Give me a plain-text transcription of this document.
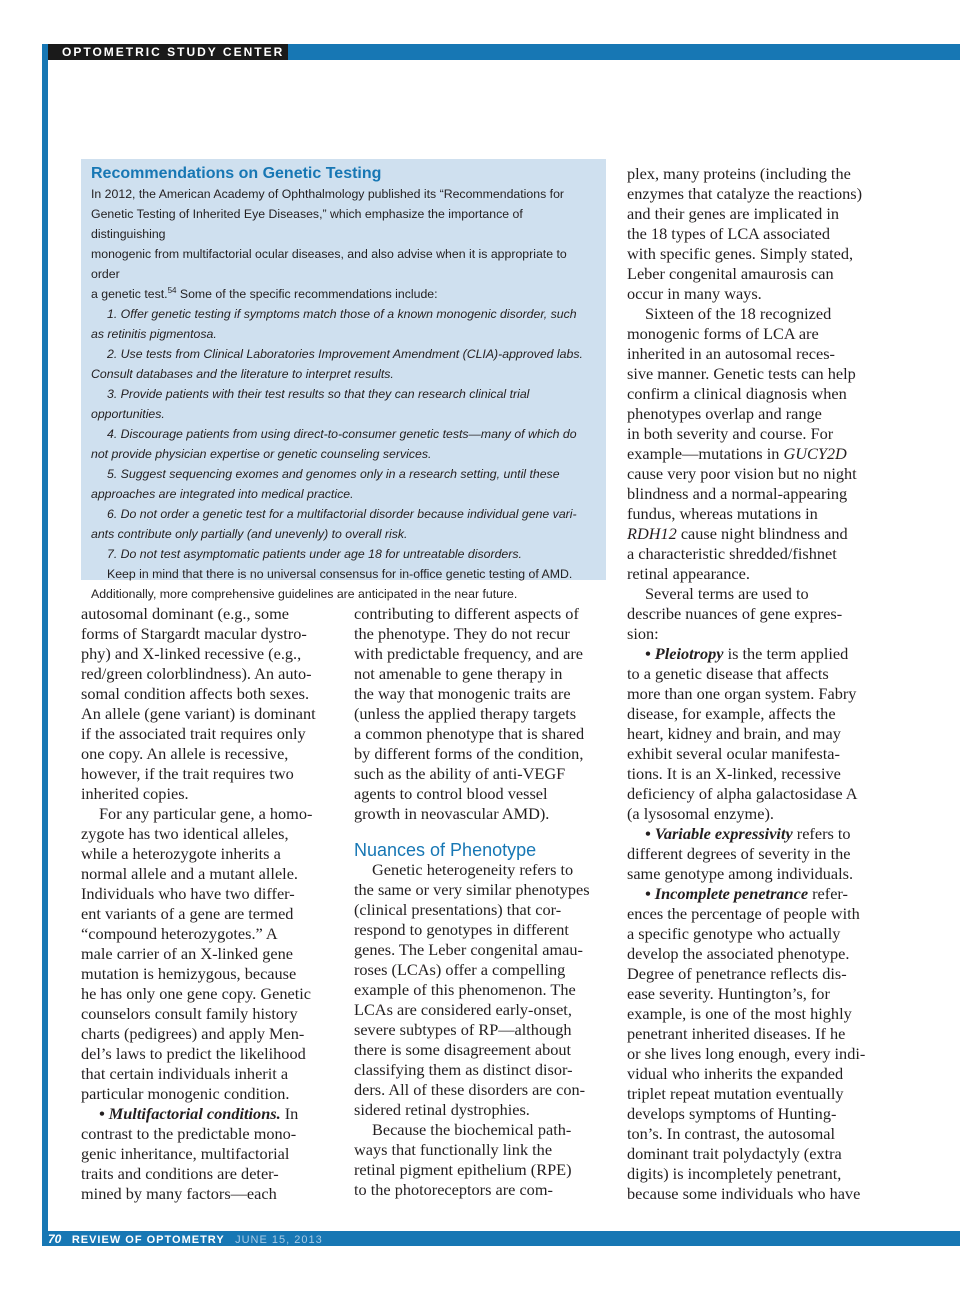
OPTOMETRIC STUDY CENTER

Recommendations on Genetic Testing

In 2012, the American Academy of Ophthalmology published its “Recommendations for

Genetic Testing of Inherited Eye Diseases,” which emphasize the importance of distinguishing

monogenic from multifactorial ocular diseases, and also advise when it is appropriate to order

a genetic test.$^{54}$ Some of the specific recommendations include:

1. Offer genetic testing if symptoms match those of a known monogenic disorder, such

as retinitis pigmentosa.

2. Use tests from Clinical Laboratories Improvement Amendment (CLIA)-approved labs.

Consult databases and the literature to interpret results.

3. Provide patients with their test results so that they can research clinical trial

opportunities.

4. Discourage patients from using direct-to-consumer genetic tests—many of which do

not provide physician expertise or genetic counseling services.

5. Suggest sequencing exomes and genomes only in a research setting, until these

approaches are integrated into medical practice.

6. Do not order a genetic test for a multifactorial disorder because individual gene vari-

ants contribute only partially (and unevenly) to overall risk.

7. Do not test asymptomatic patients under age 18 for untreatable disorders.

Keep in mind that there is no universal consensus for in-office genetic testing of AMD.

Additionally, more comprehensive guidelines are anticipated in the near future.

autosomal dominant (e.g., some

forms of Stargardt macular dystro-

phy) and X-linked recessive (e.g.,

red/green colorblindness). An auto-

somal condition affects both sexes.

An allele (gene variant) is dominant

if the associated trait requires only

one copy. An allele is recessive,

however, if the trait requires two

inherited copies.

For any particular gene, a homo-

zygote has two identical alleles,

while a heterozygote inherits a

normal allele and a mutant allele.

Individuals who have two differ-

ent variants of a gene are termed

“compound heterozygotes.” A

male carrier of an X-linked gene

mutation is hemizygous, because

he has only one gene copy. Genetic

counselors consult family history

charts (pedigrees) and apply Men-

del’s laws to predict the likelihood

that certain individuals inherit a

particular monogenic condition.

• Multifactorial conditions. In

contrast to the predictable mono-

genic inheritance, multifactorial

traits and conditions are deter-

mined by many factors—each

contributing to different aspects of

the phenotype. They do not recur

with predictable frequency, and are

not amenable to gene therapy in

the way that monogenic traits are

(unless the applied therapy targets

a common phenotype that is shared

by different forms of the condition,

such as the ability of anti-VEGF

agents to control blood vessel

growth in neovascular AMD).

Nuances of Phenotype

Genetic heterogeneity refers to

the same or very similar phenotypes

(clinical presentations) that cor-

respond to genotypes in different

genes. The Leber congenital amau-

roses (LCAs) offer a compelling

example of this phenomenon. The

LCAs are considered early-onset,

severe subtypes of RP—although

there is some disagreement about

classifying them as distinct disor-

ders. All of these disorders are con-

sidered retinal dystrophies.

Because the biochemical path-

ways that functionally link the

retinal pigment epithelium (RPE)

to the photoreceptors are com-

plex, many proteins (including the

enzymes that catalyze the reactions)

and their genes are implicated in

the 18 types of LCA associated

with specific genes. Simply stated,

Leber congenital amaurosis can

occur in many ways.

Sixteen of the 18 recognized

monogenic forms of LCA are

inherited in an autosomal reces-

sive manner. Genetic tests can help

confirm a clinical diagnosis when

phenotypes overlap and range

in both severity and course. For

example—mutations in GUCY2D

cause very poor vision but no night

blindness and a normal-appearing

fundus, whereas mutations in

RDH12 cause night blindness and

a characteristic shredded/fishnet

retinal appearance.

Several terms are used to

describe nuances of gene expres-

sion:

• Pleiotropy is the term applied

to a genetic disease that affects

more than one organ system. Fabry

disease, for example, affects the

heart, kidney and brain, and may

exhibit several ocular manifesta-

tions. It is an X-linked, recessive

deficiency of alpha galactosidase A

(a lysosomal enzyme).

• Variable expressivity refers to

different degrees of severity in the

same genotype among individuals.

• Incomplete penetrance refer-

ences the percentage of people with

a specific genotype who actually

develop the associated phenotype.

Degree of penetrance reflects dis-

ease severity. Huntington’s, for

example, is one of the most highly

penetrant inherited diseases. If he

or she lives long enough, every indi-

vidual who inherits the expanded

triplet repeat mutation eventually

develops symptoms of Hunting-

ton’s. In contrast, the autosomal

dominant trait polydactyly (extra

digits) is incompletely penetrant,

because some individuals who have

70 REVIEW OF OPTOMETRY JUNE 15, 2013
